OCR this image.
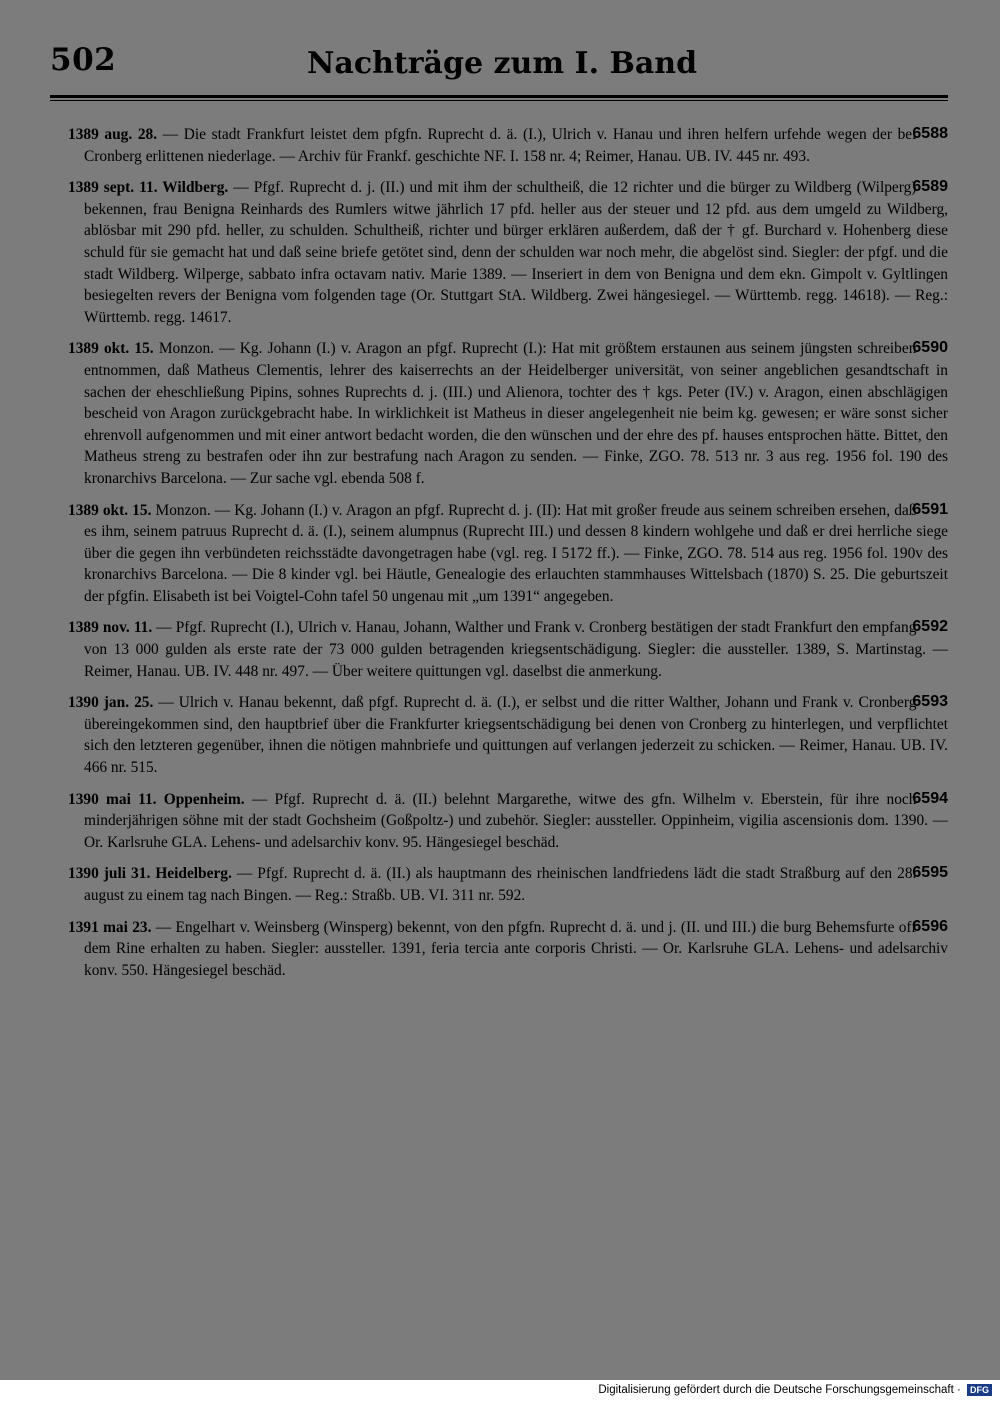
502	Nachträge zum I. Band
6588
1389 aug. 28. — Die stadt Frankfurt leistet dem pfgfn. Ruprecht d. ä. (I.), Ulrich v. Hanau und ihren helfern urfehde wegen der bei Cronberg erlittenen niederlage. — Archiv für Frankf. geschichte NF. I. 158 nr. 4; Reimer, Hanau. UB. IV. 445 nr. 493.
6589
1389 sept. 11. Wildberg. — Pfgf. Ruprecht d. j. (II.) und mit ihm der schultheiß, die 12 richter und die bürger zu Wildberg (Wilperg) bekennen, frau Benigna Reinhards des Rumlers witwe jährlich 17 pfd. heller aus der steuer und 12 pfd. aus dem umgeld zu Wildberg, ablösbar mit 290 pfd. heller, zu schulden. Schultheiß, richter und bürger erklären außerdem, daß der † gf. Burchard v. Hohenberg diese schuld für sie gemacht hat und daß seine briefe getötet sind, denn der schulden war noch mehr, die abgelöst sind. Siegler: der pfgf. und die stadt Wildberg. Wilperge, sabbato infra octavam nativ. Marie 1389. — Inseriert in dem von Benigna und dem ekn. Gimpolt v. Gyltlingen besiegelten revers der Benigna vom folgenden tage (Or. Stuttgart StA. Wildberg. Zwei hängesiegel. — Württemb. regg. 14618). — Reg.: Württemb. regg. 14617.
6590
1389 okt. 15. Monzon. — Kg. Johann (I.) v. Aragon an pfgf. Ruprecht (I.): Hat mit größtem erstaunen aus seinem jüngsten schreiben entnommen, daß Matheus Clementis, lehrer des kaiserrechts an der Heidelberger universität, von seiner angeblichen gesandtschaft in sachen der eheschließung Pipins, sohnes Ruprechts d. j. (III.) und Alienora, tochter des † kgs. Peter (IV.) v. Aragon, einen abschlägigen bescheid von Aragon zurückgebracht habe. In wirklichkeit ist Matheus in dieser angelegenheit nie beim kg. gewesen; er wäre sonst sicher ehrenvoll aufgenommen und mit einer antwort bedacht worden, die den wünschen und der ehre des pf. hauses entsprochen hätte. Bittet, den Matheus streng zu bestrafen oder ihn zur bestrafung nach Aragon zu senden. — Finke, ZGO. 78. 513 nr. 3 aus reg. 1956 fol. 190 des kronarchivs Barcelona. — Zur sache vgl. ebenda 508 f.
6591
1389 okt. 15. Monzon. — Kg. Johann (I.) v. Aragon an pfgf. Ruprecht d. j. (II): Hat mit großer freude aus seinem schreiben ersehen, daß es ihm, seinem patruus Ruprecht d. ä. (I.), seinem alumpnus (Ruprecht III.) und dessen 8 kindern wohlgehe und daß er drei herrliche siege über die gegen ihn verbündeten reichsstädte davongetragen habe (vgl. reg. I 5172 ff.). — Finke, ZGO. 78. 514 aus reg. 1956 fol. 190v des kronarchivs Barcelona. — Die 8 kinder vgl. bei Häutle, Genealogie des erlauchten stammhauses Wittelsbach (1870) S. 25. Die geburtszeit der pfgfin. Elisabeth ist bei Voigtel-Cohn tafel 50 ungenau mit „um 1391“ angegeben.
6592
1389 nov. 11. — Pfgf. Ruprecht (I.), Ulrich v. Hanau, Johann, Walther und Frank v. Cronberg bestätigen der stadt Frankfurt den empfang von 13 000 gulden als erste rate der 73 000 gulden betragenden kriegsentschädigung. Siegler: die aussteller. 1389, S. Martinstag. — Reimer, Hanau. UB. IV. 448 nr. 497. — Über weitere quittungen vgl. daselbst die anmerkung.
6593
1390 jan. 25. — Ulrich v. Hanau bekennt, daß pfgf. Ruprecht d. ä. (I.), er selbst und die ritter Walther, Johann und Frank v. Cronberg übereingekommen sind, den hauptbrief über die Frankfurter kriegsentschädigung bei denen von Cronberg zu hinterlegen, und verpflichtet sich den letzteren gegenüber, ihnen die nötigen mahnbriefe und quittungen auf verlangen jederzeit zu schicken. — Reimer, Hanau. UB. IV. 466 nr. 515.
6594
1390 mai 11. Oppenheim. — Pfgf. Ruprecht d. ä. (II.) belehnt Margarethe, witwe des gfn. Wilhelm v. Eberstein, für ihre noch minderjährigen söhne mit der stadt Gochsheim (Goßpoltz-) und zubehör. Siegler: aussteller. Oppinheim, vigilia ascensionis dom. 1390. — Or. Karlsruhe GLA. Lehens- und adelsarchiv konv. 95. Hängesiegel beschäd.
6595
1390 juli 31. Heidelberg. — Pfgf. Ruprecht d. ä. (II.) als hauptmann des rheinischen landfriedens lädt die stadt Straßburg auf den 28. august zu einem tag nach Bingen. — Reg.: Straßb. UB. VI. 311 nr. 592.
6596
1391 mai 23. — Engelhart v. Weinsberg (Winsperg) bekennt, von den pfgfn. Ruprecht d. ä. und j. (II. und III.) die burg Behemsfurte off dem Rine erhalten zu haben. Siegler: aussteller. 1391, feria tercia ante corporis Christi. — Or. Karlsruhe GLA. Lehens- und adelsarchiv konv. 550. Hängesiegel beschäd.
Digitalisierung gefördert durch die Deutsche Forschungsgemeinschaft · DFG
